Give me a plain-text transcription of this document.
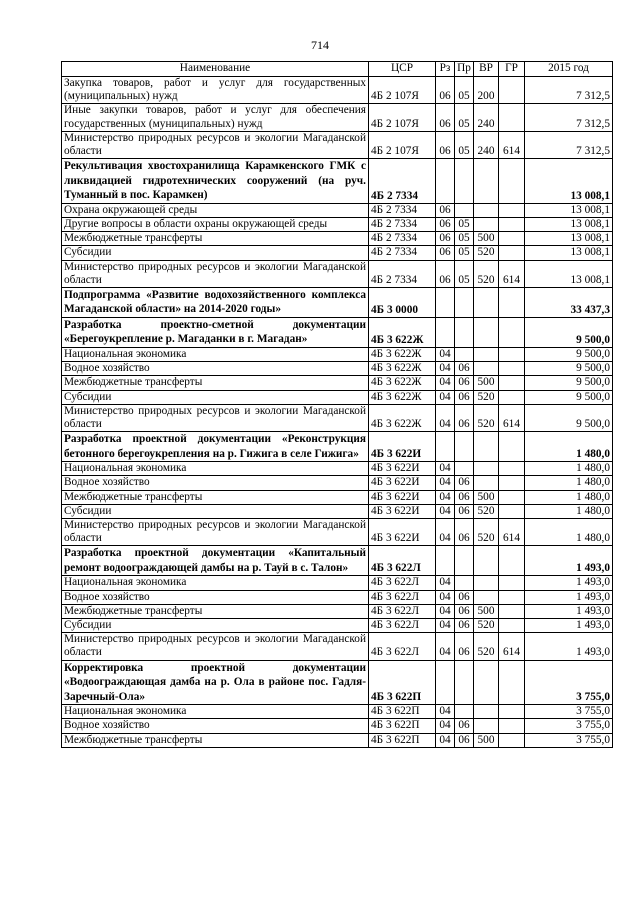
714
Наименование	ЦСР	Рз	Пр	ВР	ГР	2015 год
Закупка товаров, работ и услуг для государственных (муниципальных) нужд	4Б 2 107Я	06	05	200		7 312,5
Иные закупки товаров, работ и услуг для обеспечения государственных (муниципальных) нужд	4Б 2 107Я	06	05	240		7 312,5
Министерство природных ресурсов и экологии Магаданской области	4Б 2 107Я	06	05	240	614	7 312,5
Рекультивация хвостохранилища Карамкенского ГМК с ликвидацией гидротехнических сооружений (на руч. Туманный в пос. Карамкен)	4Б 2 7334					13 008,1
Охрана окружающей среды	4Б 2 7334	06				13 008,1
Другие вопросы в области охраны окружающей среды	4Б 2 7334	06	05			13 008,1
Межбюджетные трансферты	4Б 2 7334	06	05	500		13 008,1
Субсидии	4Б 2 7334	06	05	520		13 008,1
Министерство природных ресурсов и экологии Магаданской области	4Б 2 7334	06	05	520	614	13 008,1
Подпрограмма «Развитие водохозяйственного комплекса Магаданской области» на 2014-2020 годы»	4Б 3 0000					33 437,3
Разработка проектно-сметной документации «Берегоукрепление р. Магаданки в г. Магадан»	4Б 3 622Ж					9 500,0
Национальная экономика	4Б 3 622Ж	04				9 500,0
Водное хозяйство	4Б 3 622Ж	04	06			9 500,0
Межбюджетные трансферты	4Б 3 622Ж	04	06	500		9 500,0
Субсидии	4Б 3 622Ж	04	06	520		9 500,0
Министерство природных ресурсов и экологии Магаданской области	4Б 3 622Ж	04	06	520	614	9 500,0
Разработка проектной документации «Реконструкция бетонного берегоукрепления на р. Гижига в селе Гижига»	4Б 3 622И					1 480,0
Национальная экономика	4Б 3 622И	04				1 480,0
Водное хозяйство	4Б 3 622И	04	06			1 480,0
Межбюджетные трансферты	4Б 3 622И	04	06	500		1 480,0
Субсидии	4Б 3 622И	04	06	520		1 480,0
Министерство природных ресурсов и экологии Магаданской области	4Б 3 622И	04	06	520	614	1 480,0
Разработка проектной документации «Капитальный ремонт водоограждающей дамбы на р. Тауй в с. Талон»	4Б 3 622Л					1 493,0
Национальная экономика	4Б 3 622Л	04				1 493,0
Водное хозяйство	4Б 3 622Л	04	06			1 493,0
Межбюджетные трансферты	4Б 3 622Л	04	06	500		1 493,0
Субсидии	4Б 3 622Л	04	06	520		1 493,0
Министерство природных ресурсов и экологии Магаданской области	4Б 3 622Л	04	06	520	614	1 493,0
Корректировка проектной документации «Водоограждающая дамба на р. Ола в районе пос. Гадля-Заречный-Ола»	4Б 3 622П					3 755,0
Национальная экономика	4Б 3 622П	04				3 755,0
Водное хозяйство	4Б 3 622П	04	06			3 755,0
Межбюджетные трансферты	4Б 3 622П	04	06	500		3 755,0
